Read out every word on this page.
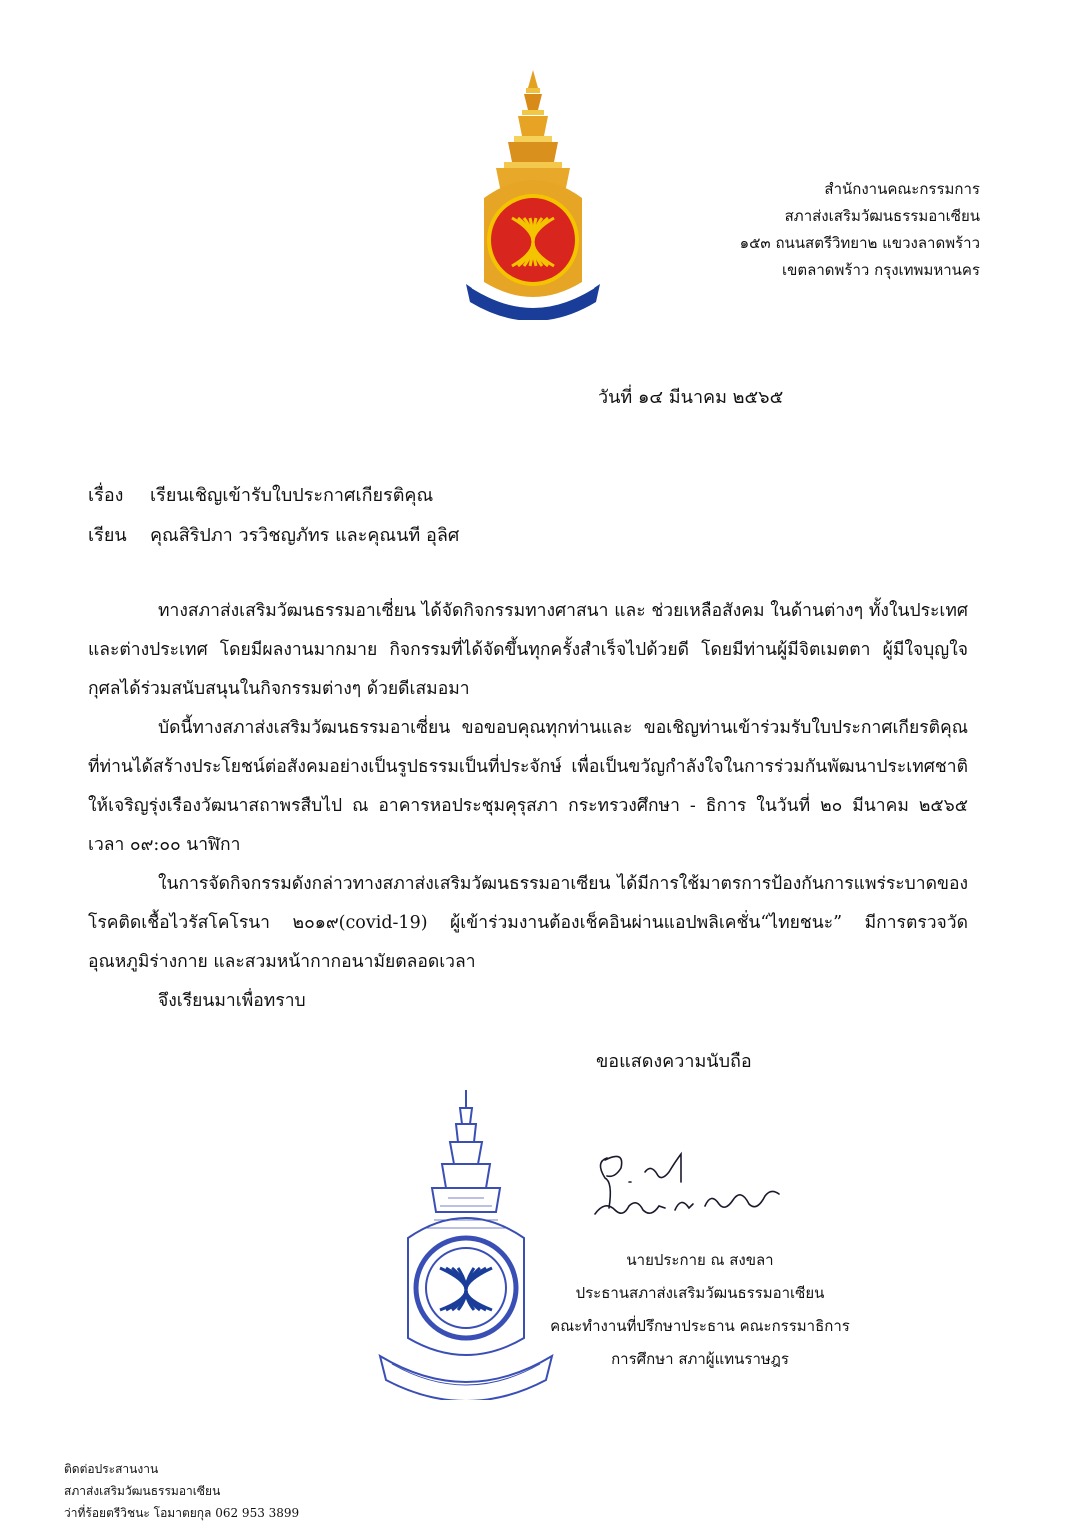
สำนักงานคณะกรรมการ
สภาส่งเสริมวัฒนธรรมอาเซียน
๑๕๓ ถนนสตรีวิทยา๒ แขวงลาดพร้าว
เขตลาดพร้าว กรุงเทพมหานคร
วันที่ ๑๔ มีนาคม ๒๕๖๕
เรื่อง เรียนเชิญเข้ารับใบประกาศเกียรติคุณ
เรียน คุณสิริปภา วรวิชญภัทร และคุณนที อุลิศ

ทางสภาส่งเสริมวัฒนธรรมอาเซี่ยน ได้จัดกิจกรรมทางศาสนา และ ช่วยเหลือสังคม ในด้านต่างๆ ทั้งในประเทศและต่างประเทศ โดยมีผลงานมากมาย กิจกรรมที่ได้จัดขึ้นทุกครั้งสำเร็จไปด้วยดี โดยมีท่านผู้มีจิตเมตตา ผู้มีใจบุญใจกุศลได้ร่วมสนับสนุนในกิจกรรมต่างๆ ด้วยดีเสมอมา

บัดนี้ทางสภาส่งเสริมวัฒนธรรมอาเซี่ยน ขอขอบคุณทุกท่านและ ขอเชิญท่านเข้าร่วมรับใบประกาศเกียรติคุณ ที่ท่านได้สร้างประโยชน์ต่อสังคมอย่างเป็นรูปธรรมเป็นที่ประจักษ์ เพื่อเป็นขวัญกำลังใจในการร่วมกันพัฒนาประเทศชาติให้เจริญรุ่งเรืองวัฒนาสถาพรสืบไป ณ อาคารหอประชุมคุรุสภา กระทรวงศึกษา - ธิการ ในวันที่ ๒๐ มีนาคม ๒๕๖๕ เวลา ๐๙:๐๐ นาฬิกา

ในการจัดกิจกรรมดังกล่าวทางสภาส่งเสริมวัฒนธรรมอาเซียน ได้มีการใช้มาตรการป้องกันการแพร่ระบาดของโรคติดเชื้อไวรัสโคโรนา ๒๐๑๙(covid-19) ผู้เข้าร่วมงานต้องเช็คอินผ่านแอปพลิเคชั่น“ไทยชนะ” มีการตรวจวัดอุณหภูมิร่างกาย และสวมหน้ากากอนามัยตลอดเวลา

จึงเรียนมาเพื่อทราบ

ขอแสดงความนับถือ
นายประกาย ณ สงขลา
ประธานสภาส่งเสริมวัฒนธรรมอาเซียน
คณะทำงานที่ปรึกษาประธาน คณะกรรมาธิการ
การศึกษา สภาผู้แทนราษฎร
ติดต่อประสานงาน
สภาส่งเสริมวัฒนธรรมอาเซียน
ว่าที่ร้อยตรีวิชนะ โอมาตยกุล 062 953 3899
